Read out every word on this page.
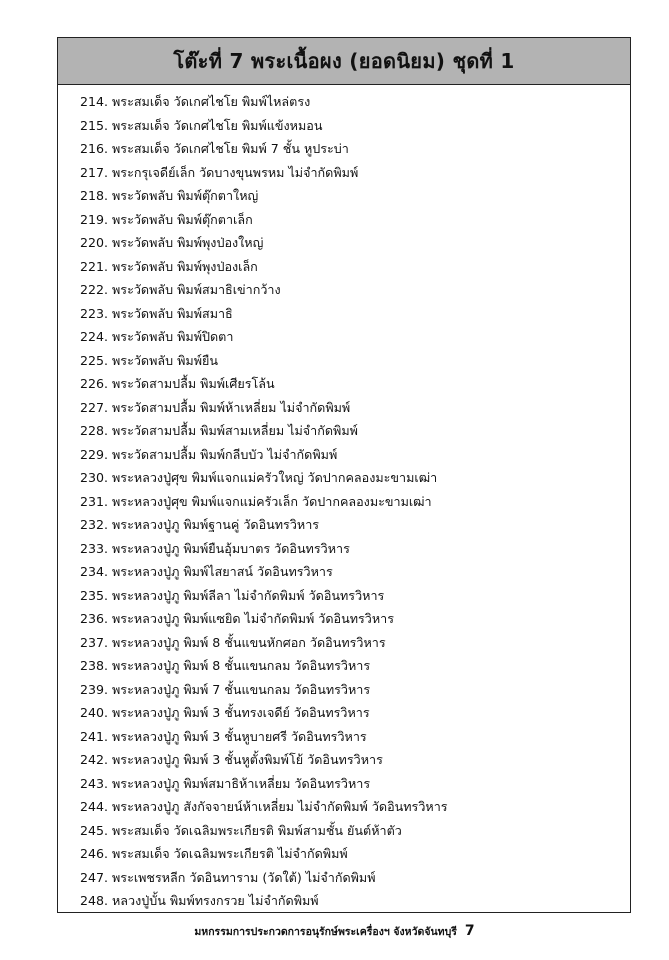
โต๊ะที่ 7 พระเนื้อผง (ยอดนิยม) ชุดที่ 1
214. พระสมเด็จ วัดเกศไชโย พิมพ์ไหล่ตรง
215. พระสมเด็จ วัดเกศไชโย พิมพ์แข้งหมอน
216. พระสมเด็จ วัดเกศไชโย พิมพ์ 7 ชั้น หูประบ่า
217. พระกรุเจดีย์เล็ก วัดบางขุนพรหม ไม่จำกัดพิมพ์
218. พระวัดพลับ พิมพ์ตุ๊กตาใหญ่
219. พระวัดพลับ พิมพ์ตุ๊กตาเล็ก
220. พระวัดพลับ พิมพ์พุงป่องใหญ่
221. พระวัดพลับ พิมพ์พุงป่องเล็ก
222. พระวัดพลับ พิมพ์สมาธิเข่ากว้าง
223. พระวัดพลับ พิมพ์สมาธิ
224. พระวัดพลับ พิมพ์ปิดตา
225. พระวัดพลับ พิมพ์ยืน
226. พระวัดสามปลื้ม พิมพ์เศียรโล้น
227. พระวัดสามปลื้ม พิมพ์ห้าเหลี่ยม ไม่จำกัดพิมพ์
228. พระวัดสามปลื้ม พิมพ์สามเหลี่ยม ไม่จำกัดพิมพ์
229. พระวัดสามปลื้ม พิมพ์กลีบบัว ไม่จำกัดพิมพ์
230. พระหลวงปู่ศุข พิมพ์แจกแม่ครัวใหญ่ วัดปากคลองมะขามเฒ่า
231. พระหลวงปู่ศุข พิมพ์แจกแม่ครัวเล็ก วัดปากคลองมะขามเฒ่า
232. พระหลวงปู่ภู พิมพ์ฐานคู่ วัดอินทรวิหาร
233. พระหลวงปู่ภู พิมพ์ยืนอุ้มบาตร วัดอินทรวิหาร
234. พระหลวงปู่ภู พิมพ์ไสยาสน์ วัดอินทรวิหาร
235. พระหลวงปู่ภู พิมพ์ลีลา ไม่จำกัดพิมพ์ วัดอินทรวิหาร
236. พระหลวงปู่ภู พิมพ์แซยิด ไม่จำกัดพิมพ์ วัดอินทรวิหาร
237. พระหลวงปู่ภู พิมพ์ 8 ชั้นแขนหักศอก วัดอินทรวิหาร
238. พระหลวงปู่ภู พิมพ์ 8 ชั้นแขนกลม วัดอินทรวิหาร
239. พระหลวงปู่ภู พิมพ์ 7 ชั้นแขนกลม วัดอินทรวิหาร
240. พระหลวงปู่ภู พิมพ์ 3 ชั้นทรงเจดีย์ วัดอินทรวิหาร
241. พระหลวงปู่ภู พิมพ์ 3 ชั้นหูบายศรี วัดอินทรวิหาร
242. พระหลวงปู่ภู พิมพ์ 3 ชั้นหูตั้งพิมพ์โย้ วัดอินทรวิหาร
243. พระหลวงปู่ภู พิมพ์สมาธิห้าเหลี่ยม วัดอินทรวิหาร
244. พระหลวงปู่ภู สังกัจจายน์ห้าเหลี่ยม ไม่จำกัดพิมพ์ วัดอินทรวิหาร
245. พระสมเด็จ วัดเฉลิมพระเกียรติ พิมพ์สามชั้น ยันต์ห้าตัว
246. พระสมเด็จ วัดเฉลิมพระเกียรติ ไม่จำกัดพิมพ์
247. พระเพชรหลีก วัดอินทาราม (วัดใต้) ไม่จำกัดพิมพ์
248. หลวงปู่บั้น พิมพ์ทรงกรวย ไม่จำกัดพิมพ์
มหกรรมการประกวดการอนุรักษ์พระเครื่องฯ จังหวัดจันทบุรี 7
